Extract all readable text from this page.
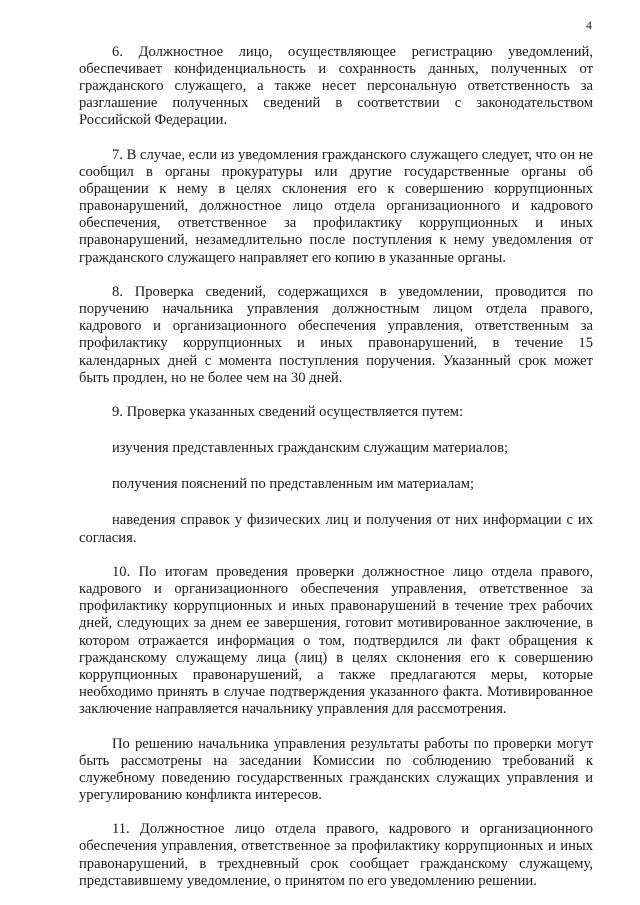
4

6. Должностное лицо, осуществляющее регистрацию уведомлений, обеспечивает конфиденциальность и сохранность данных, полученных от гражданского служащего, а также несет персональную ответственность за разглашение полученных сведений в соответствии с законодательством Российской Федерации.

7. В случае, если из уведомления гражданского служащего следует, что он не сообщил в органы прокуратуры или другие государственные органы об обращении к нему в целях склонения его к совершению коррупционных правонарушений, должностное лицо отдела организационного и кадрового обеспечения, ответственное за профилактику коррупционных и иных правонарушений, незамедлительно после поступления к нему уведомления от гражданского служащего направляет его копию в указанные органы.

8. Проверка сведений, содержащихся в уведомлении, проводится по поручению начальника управления должностным лицом отдела правого, кадрового и организационного обеспечения управления, ответственным за профилактику коррупционных и иных правонарушений, в течение 15 календарных дней с момента поступления поручения. Указанный срок может быть продлен, но не более чем на 30 дней.

9. Проверка указанных сведений осуществляется путем:

изучения представленных гражданским служащим материалов;

получения пояснений по представленным им материалам;

наведения справок у физических лиц и получения от них информации с их согласия.

10. По итогам проведения проверки должностное лицо отдела правого, кадрового и организационного обеспечения управления, ответственное за профилактику коррупционных и иных правонарушений в течение трех рабочих дней, следующих за днем ее завершения, готовит мотивированное заключение, в котором отражается информация о том, подтвердился ли факт обращения к гражданскому служащему лица (лиц) в целях склонения его к совершению коррупционных правонарушений, а также предлагаются меры, которые необходимо принять в случае подтверждения указанного факта. Мотивированное заключение направляется начальнику управления для рассмотрения.

По решению начальника управления результаты работы по проверки могут быть рассмотрены на заседании Комиссии по соблюдению требований к служебному поведению государственных гражданских служащих управления и урегулированию конфликта интересов.

11. Должностное лицо отдела правого, кадрового и организационного обеспечения управления, ответственное за профилактику коррупционных и иных правонарушений, в трехдневный срок сообщает гражданскому служащему, представившему уведомление, о принятом по его уведомлению решении.
